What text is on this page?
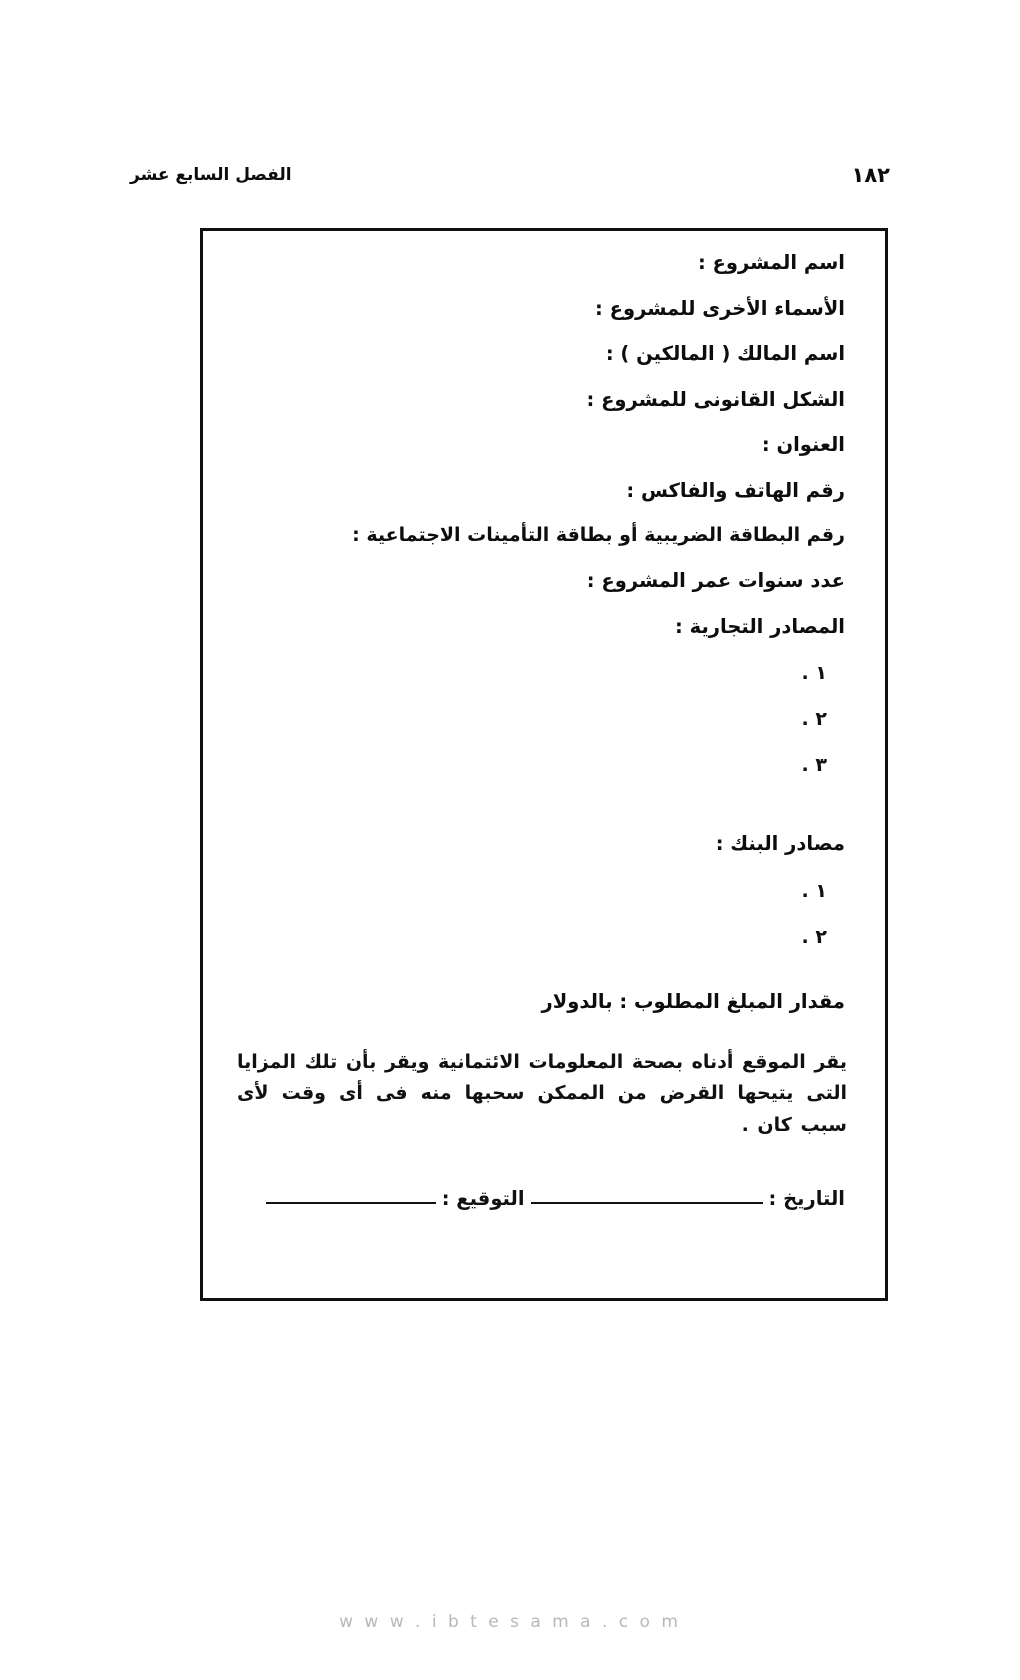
١٨٢
الفصل السابع عشر
اسم المشروع :
الأسماء الأخرى للمشروع :
اسم المالك ( المالكين ) :
الشكل القانونى للمشروع :
العنوان :
رقم الهاتف والفاكس :
رقم البطاقة الضريبية أو بطاقة التأمينات الاجتماعية :
عدد سنوات عمر المشروع :
المصادر التجارية :
١ .
٢ .
٣ .
مصادر البنك :
١ .
٢ .
مقدار المبلغ المطلوب : بالدولار
يقر الموقع أدناه بصحة المعلومات الائتمانية ويقر بأن تلك المزايا التى يتيحها القرض من الممكن سحبها منه فى أى وقت لأى سبب كان .
التاريخ :
التوقيع :
w w w . i b t e s a m a . c o m
